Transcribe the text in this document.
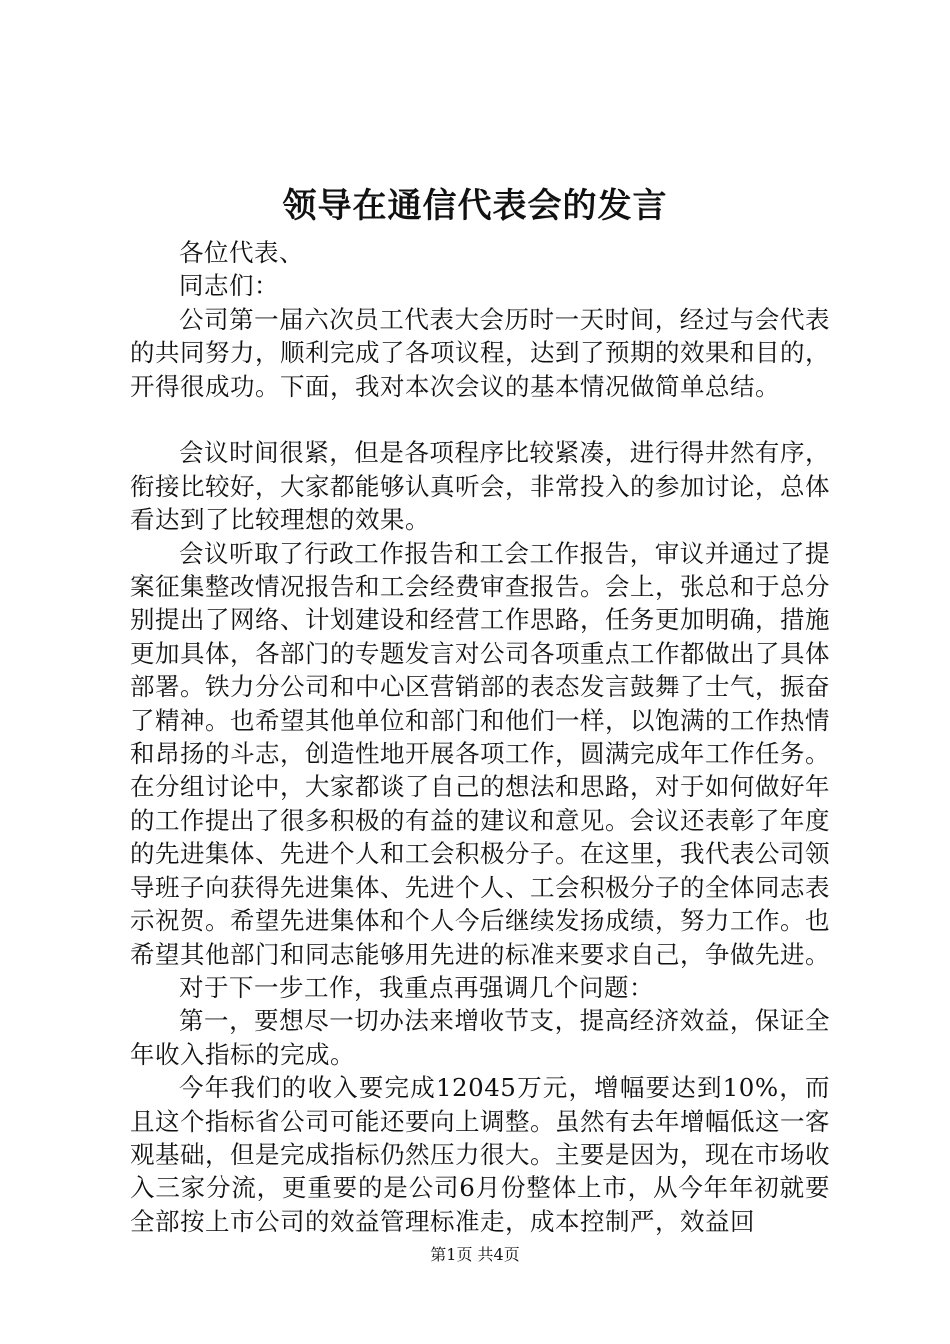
领导在通信代表会的发言

各位代表、

同志们：

公司第一届六次员工代表大会历时一天时间，经过与会代表的共同努力，顺利完成了各项议程，达到了预期的效果和目的，开得很成功。下面，我对本次会议的基本情况做简单总结。

会议时间很紧，但是各项程序比较紧凑，进行得井然有序，衔接比较好，大家都能够认真听会，非常投入的参加讨论，总体看达到了比较理想的效果。

会议听取了行政工作报告和工会工作报告，审议并通过了提案征集整改情况报告和工会经费审查报告。会上，张总和于总分别提出了网络、计划建设和经营工作思路，任务更加明确，措施更加具体，各部门的专题发言对公司各项重点工作都做出了具体部署。铁力分公司和中心区营销部的表态发言鼓舞了士气，振奋了精神。也希望其他单位和部门和他们一样，以饱满的工作热情和昂扬的斗志，创造性地开展各项工作，圆满完成年工作任务。在分组讨论中，大家都谈了自己的想法和思路，对于如何做好年的工作提出了很多积极的有益的建议和意见。会议还表彰了年度的先进集体、先进个人和工会积极分子。在这里，我代表公司领导班子向获得先进集体、先进个人、工会积极分子的全体同志表示祝贺。希望先进集体和个人今后继续发扬成绩，努力工作。也希望其他部门和同志能够用先进的标准来要求自己，争做先进。

对于下一步工作，我重点再强调几个问题：

第一，要想尽一切办法来增收节支，提高经济效益，保证全年收入指标的完成。

今年我们的收入要完成12045万元，增幅要达到10%，而且这个指标省公司可能还要向上调整。虽然有去年增幅低这一客观基础，但是完成指标仍然压力很大。主要是因为，现在市场收入三家分流，更重要的是公司6月份整体上市，从今年年初就要全部按上市公司的效益管理标准走，成本控制严，效益回

第1页 共4页
